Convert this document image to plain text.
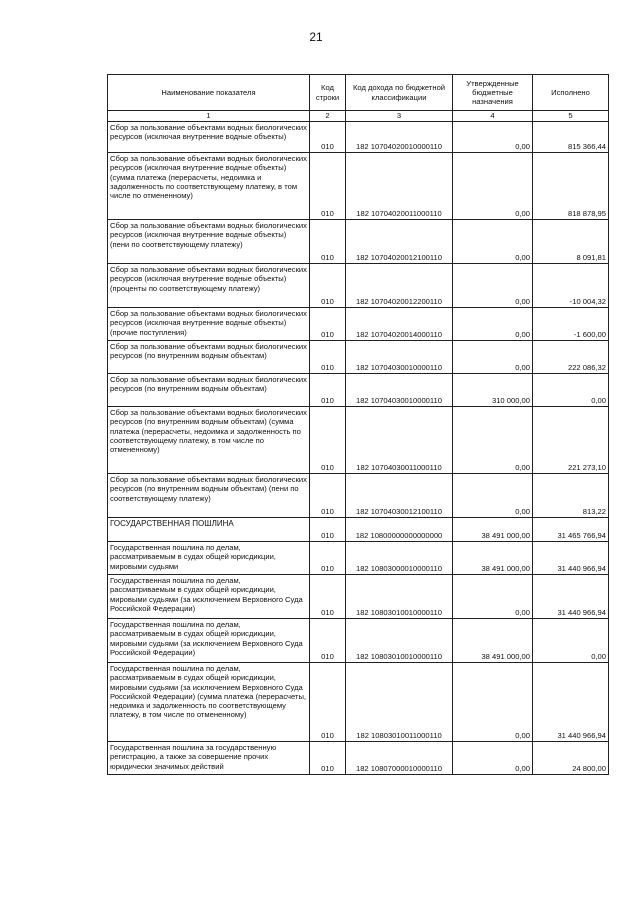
21
Наименование показателя	Код строки	Код дохода по бюджетной классификации	Утвержденные бюджетные назначения	Исполнено
1	2	3	4	5
Сбор за пользование объектами водных биологических ресурсов (исключая внутренние водные объекты)	010	182 10704020010000110	0,00	815 366,44
Сбор за пользование объектами водных биологических ресурсов (исключая внутренние водные объекты) (сумма платежа (перерасчеты, недоимка и задолженность по соответствующему платежу, в том числе по отмененному)	010	182 10704020011000110	0,00	818 878,95
Сбор за пользование объектами водных биологических ресурсов (исключая внутренние водные объекты) (пени по соответствующему платежу)	010	182 10704020012100110	0,00	8 091,81
Сбор за пользование объектами водных биологических ресурсов (исключая внутренние водные объекты) (проценты по соответствующему платежу)	010	182 10704020012200110	0,00	-10 004,32
Сбор за пользование объектами водных биологических ресурсов (исключая внутренние водные объекты) (прочие поступления)	010	182 10704020014000110	0,00	-1 600,00
Сбор за пользование объектами водных биологических ресурсов (по внутренним водным объектам)	010	182 10704030010000110	0,00	222 086,32
Сбор за пользование объектами водных биологических ресурсов (по внутренним водным объектам)	010	182 10704030010000110	310 000,00	0,00
Сбор за пользование объектами водных биологических ресурсов (по внутренним водным объектам) (сумма платежа (перерасчеты, недоимка и задолженность по соответствующему платежу, в том числе по отмененному)	010	182 10704030011000110	0,00	221 273,10
Сбор за пользование объектами водных биологических ресурсов (по внутренним водным объектам) (пени по соответствующему платежу)	010	182 10704030012100110	0,00	813,22
ГОСУДАРСТВЕННАЯ ПОШЛИНА	010	182 10800000000000000	38 491 000,00	31 465 766,94
Государственная пошлина по делам, рассматриваемым в судах общей юрисдикции, мировыми судьями	010	182 10803000010000110	38 491 000,00	31 440 966,94
Государственная пошлина по делам, рассматриваемым в судах общей юрисдикции, мировыми судьями (за исключением Верховного Суда Российской Федерации)	010	182 10803010010000110	0,00	31 440 966,94
Государственная пошлина по делам, рассматриваемым в судах общей юрисдикции, мировыми судьями (за исключением Верховного Суда Российской Федерации)	010	182 10803010010000110	38 491 000,00	0,00
Государственная пошлина по делам, рассматриваемым в судах общей юрисдикции, мировыми судьями (за исключением Верховного Суда Российской Федерации) (сумма платежа (перерасчеты, недоимка и задолженность по соответствующему платежу, в том числе по отмененному)	010	182 10803010011000110	0,00	31 440 966,94
Государственная пошлина за государственную регистрацию, а также за совершение прочих юридически значимых действий	010	182 10807000010000110	0,00	24 800,00
